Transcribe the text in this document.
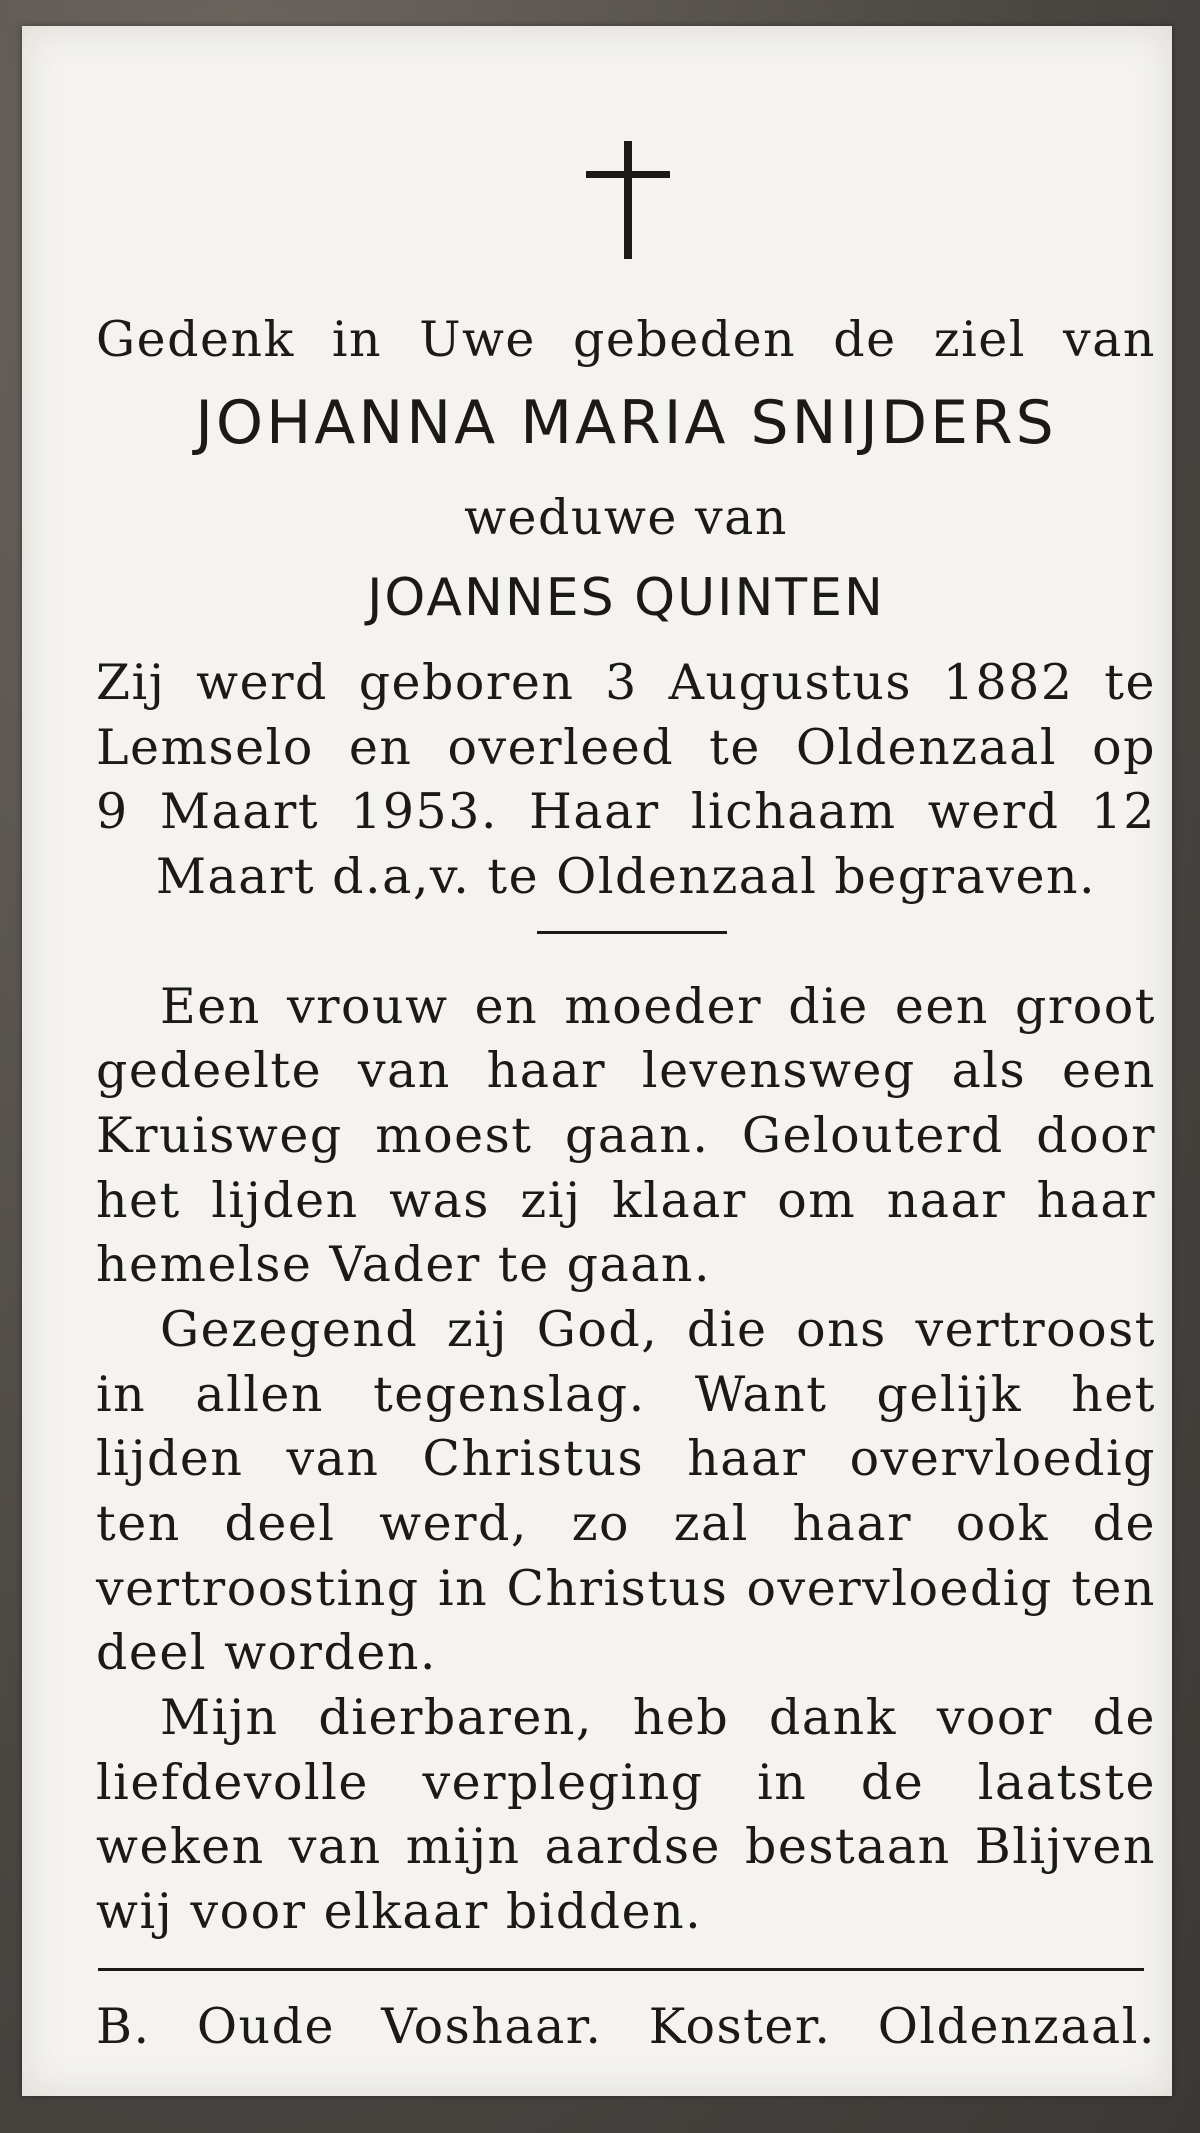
Gedenk in Uwe gebeden de ziel van
JOHANNA MARIA SNIJDERS
weduwe van
JOANNES QUINTEN
Zij werd geboren 3 Augustus 1882 te
Lemselo en overleed te Oldenzaal op
9 Maart 1953. Haar lichaam werd 12
Maart d.a,v. te Oldenzaal begraven.
Een vrouw en moeder die een groot
gedeelte van haar levensweg als een
Kruisweg moest gaan. Gelouterd door
het lijden was zij klaar om naar haar
hemelse Vader te gaan.
Gezegend zij God, die ons vertroost
in allen tegenslag. Want gelijk het
lijden van Christus haar overvloedig
ten deel werd, zo zal haar ook de
vertroosting in Christus overvloedig ten
deel worden.
Mijn dierbaren, heb dank voor de
liefdevolle verpleging in de laatste
weken van mijn aardse bestaan Blijven
wij voor elkaar bidden.
B. Oude Voshaar. Koster. Oldenzaal.
